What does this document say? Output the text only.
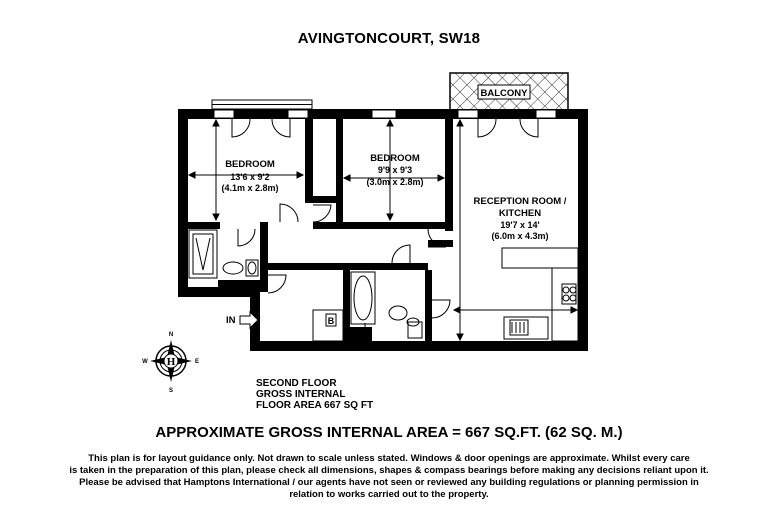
AVINGTONCOURT, SW18
BALCONY
IN	B
BEDROOM
13'6 x 9'2
(4.1m x 2.8m)
BEDROOM
9'9 x 9'3
(3.0m x 2.8m)
RECEPTION ROOM /
KITCHEN
19'7 x 14'
(6.0m x 4.3m)
H
N
S
W	E
SECOND FLOOR
GROSS INTERNAL
FLOOR AREA 667 SQ FT
APPROXIMATE GROSS INTERNAL AREA = 667 SQ.FT. (62 SQ. M.)
This plan is for layout guidance only. Not drawn to scale unless stated. Windows & door openings are approximate. Whilst every care
is taken in the preparation of this plan, please check all dimensions, shapes & compass bearings before making any decisions reliant upon it.
Please be advised that Hamptons International / our agents have not seen or reviewed any building regulations or planning permission in
relation to works carried out to the property.
